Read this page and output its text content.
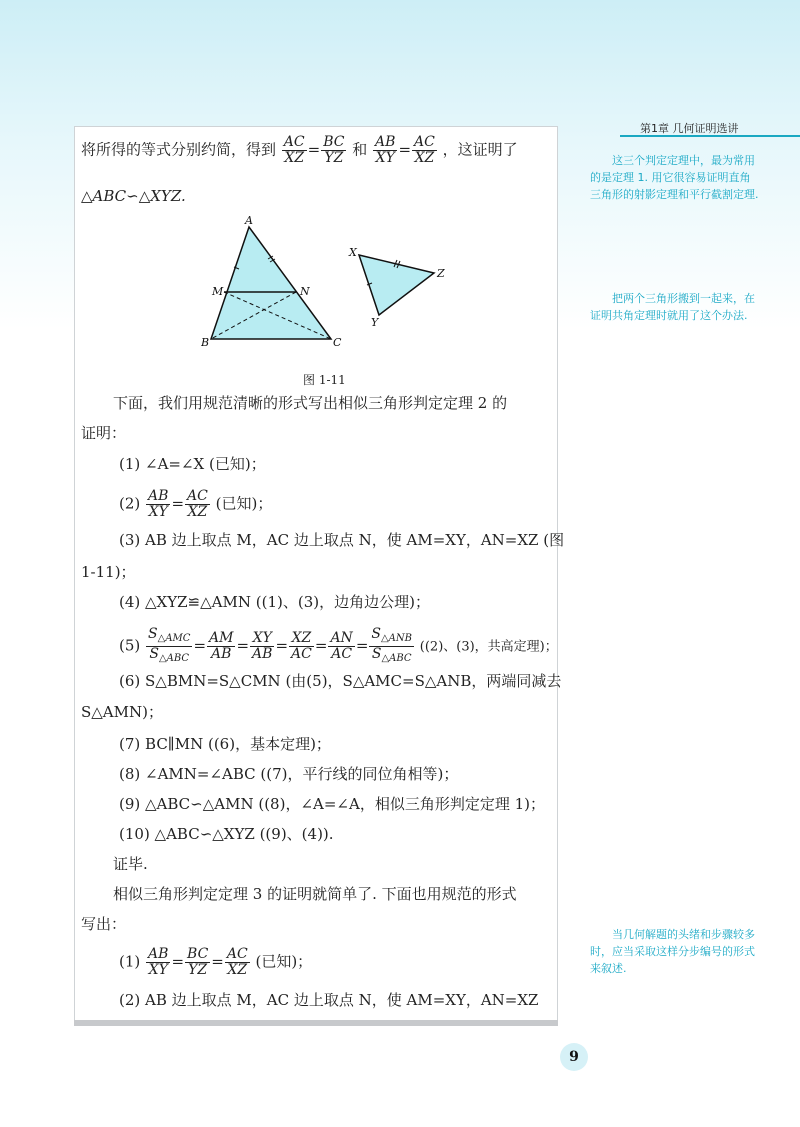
第1章 几何证明选讲
将所得的等式分别约简，得到 $\frac{AC}{XZ} = \frac{BC}{YZ}$ 和 $\frac{AB}{XY} = \frac{AC}{XZ}$ ，这证明了
△ABC∽△XYZ.
A
B	C
M	N
X
Y
Z
图 1-11
下面，我们用规范清晰的形式写出相似三角形判定定理 2 的
证明：
(1) ∠A=∠X (已知)；
$(2) \frac{AB}{XY} = \frac{AC}{XZ}$ (已知)；
(3) AB 边上取点 M，AC 边上取点 N，使 AM=XY，AN=XZ (图
1-11)；
(4) △XYZ≌△AMN ((1)、(3)，边角边公理)；
$(5) \frac{S_{\triangle AMC}}{S_{\triangle ABC}} = \frac{AM}{AB} = \frac{XY}{AB} = \frac{XZ}{AC} = \frac{AN}{AC} = \frac{S_{\triangle ANB}}{S_{\triangle ABC}} ((2)$、(3)，共高定理)；
(6) S△BMN=S△CMN (由(5)，S△AMC=S△ANB，两端同减去
S△AMN)；
(7) BC∥MN ((6)，基本定理)；
(8) ∠AMN=∠ABC ((7)，平行线的同位角相等)；
(9) △ABC∽△AMN ((8)，∠A=∠A，相似三角形判定定理 1)；
(10) △ABC∽△XYZ ((9)、(4)).
证毕.
相似三角形判定定理 3 的证明就简单了. 下面也用规范的形式
写出：
$(1) \frac{AB}{XY} = \frac{BC}{YZ} = \frac{AC}{XZ}$ (已知)；
(2) AB 边上取点 M，AC 边上取点 N，使 AM=XY，AN=XZ
这三个判定定理中，最为常用的是定理 1. 用它很容易证明直角三角形的射影定理和平行截割定理.
把两个三角形搬到一起来，在证明共角定理时就用了这个办法.
当几何解题的头绪和步骤较多时，应当采取这样分步编号的形式来叙述.
9
